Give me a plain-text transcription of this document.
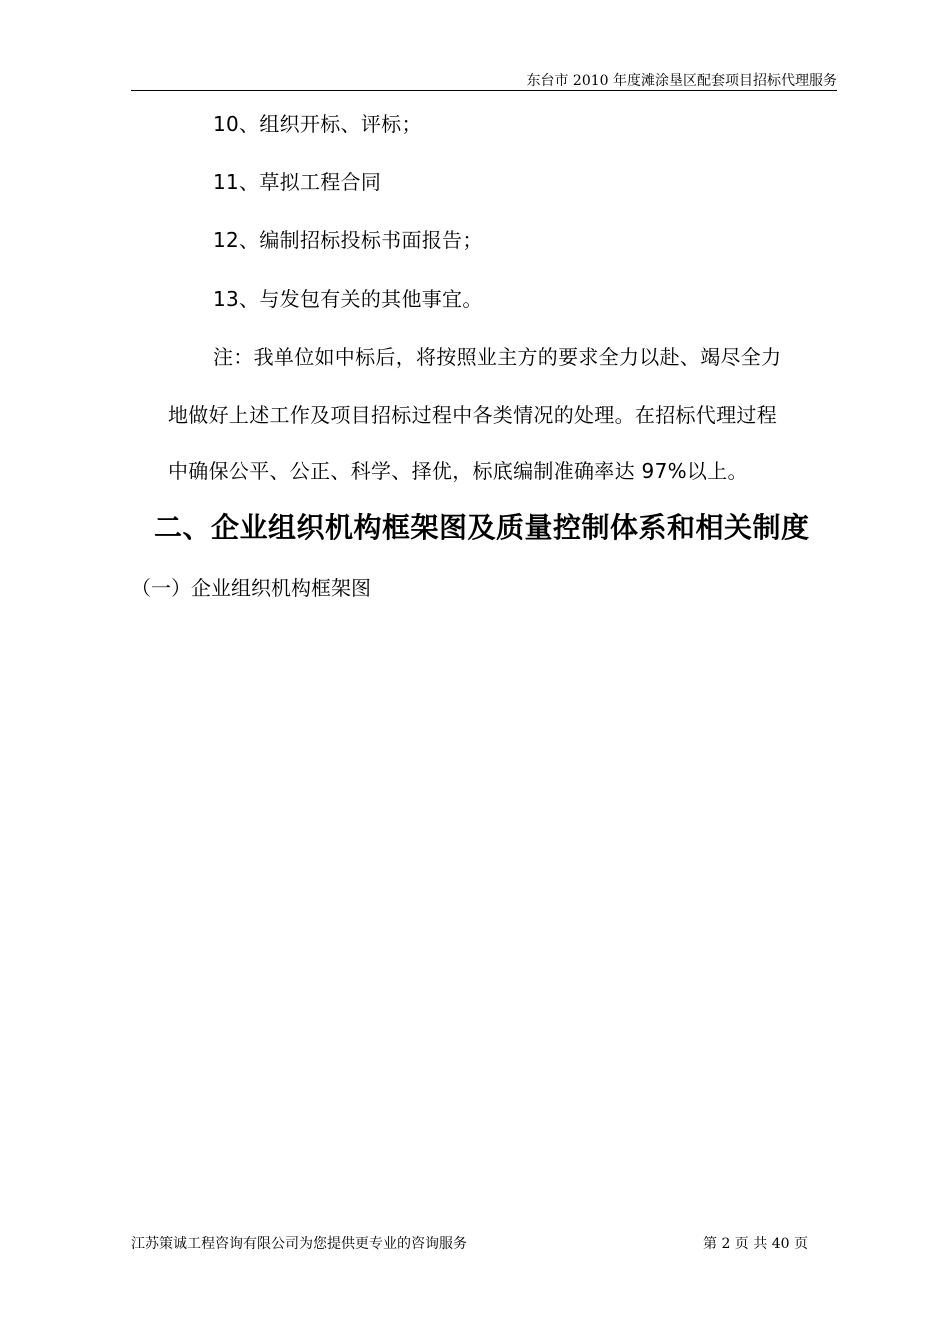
东台市 2010 年度滩涂垦区配套项目招标代理服务
10、组织开标、评标；
11、草拟工程合同
12、编制招标投标书面报告；
13、与发包有关的其他事宜。
注：我单位如中标后，将按照业主方的要求全力以赴、竭尽全力
地做好上述工作及项目招标过程中各类情况的处理。在招标代理过程
中确保公平、公正、科学、择优，标底编制准确率达 97%以上。
二、企业组织机构框架图及质量控制体系和相关制度
（一）企业组织机构框架图
江苏策诚工程咨询有限公司为您提供更专业的咨询服务	第 2 页 共 40 页
